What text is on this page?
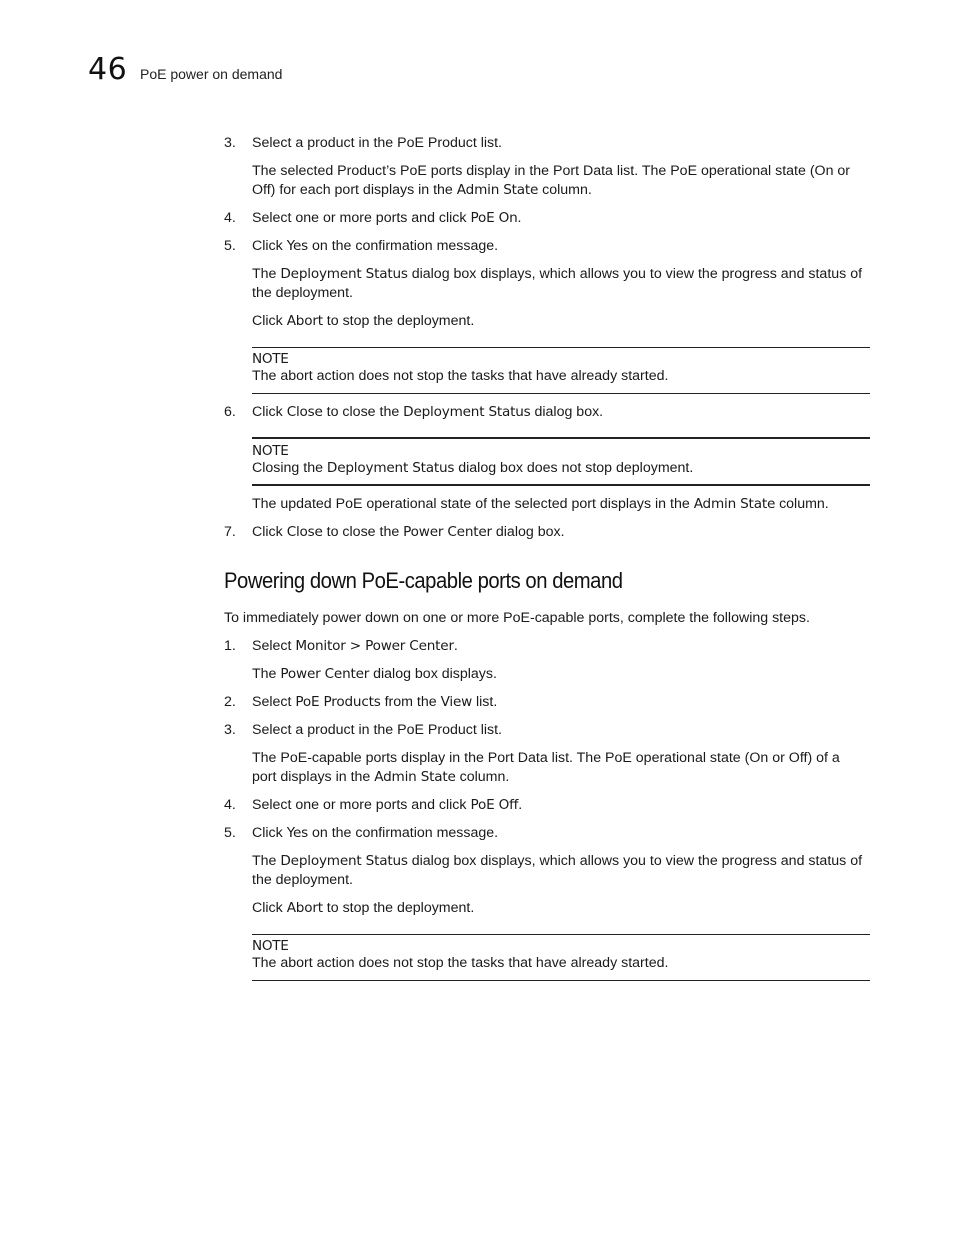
46 PoE power on demand
3. Select a product in the PoE Product list.
The selected Product’s PoE ports display in the Port Data list. The PoE operational state (On or
Off) for each port displays in the Admin State column.
4. Select one or more ports and click PoE On.
5. Click Yes on the confirmation message.
The Deployment Status dialog box displays, which allows you to view the progress and status of
the deployment.
Click Abort to stop the deployment.
NOTE
The abort action does not stop the tasks that have already started.
6. Click Close to close the Deployment Status dialog box.
NOTE
Closing the Deployment Status dialog box does not stop deployment.
The updated PoE operational state of the selected port displays in the Admin State column.
7. Click Close to close the Power Center dialog box.
Powering down PoE-capable ports on demand
To immediately power down on one or more PoE-capable ports, complete the following steps.
1. Select Monitor > Power Center.
The Power Center dialog box displays.
2. Select PoE Products from the View list.
3. Select a product in the PoE Product list.
The PoE-capable ports display in the Port Data list. The PoE operational state (On or Off) of a
port displays in the Admin State column.
4. Select one or more ports and click PoE Off.
5. Click Yes on the confirmation message.
The Deployment Status dialog box displays, which allows you to view the progress and status of
the deployment.
Click Abort to stop the deployment.
NOTE
The abort action does not stop the tasks that have already started.
